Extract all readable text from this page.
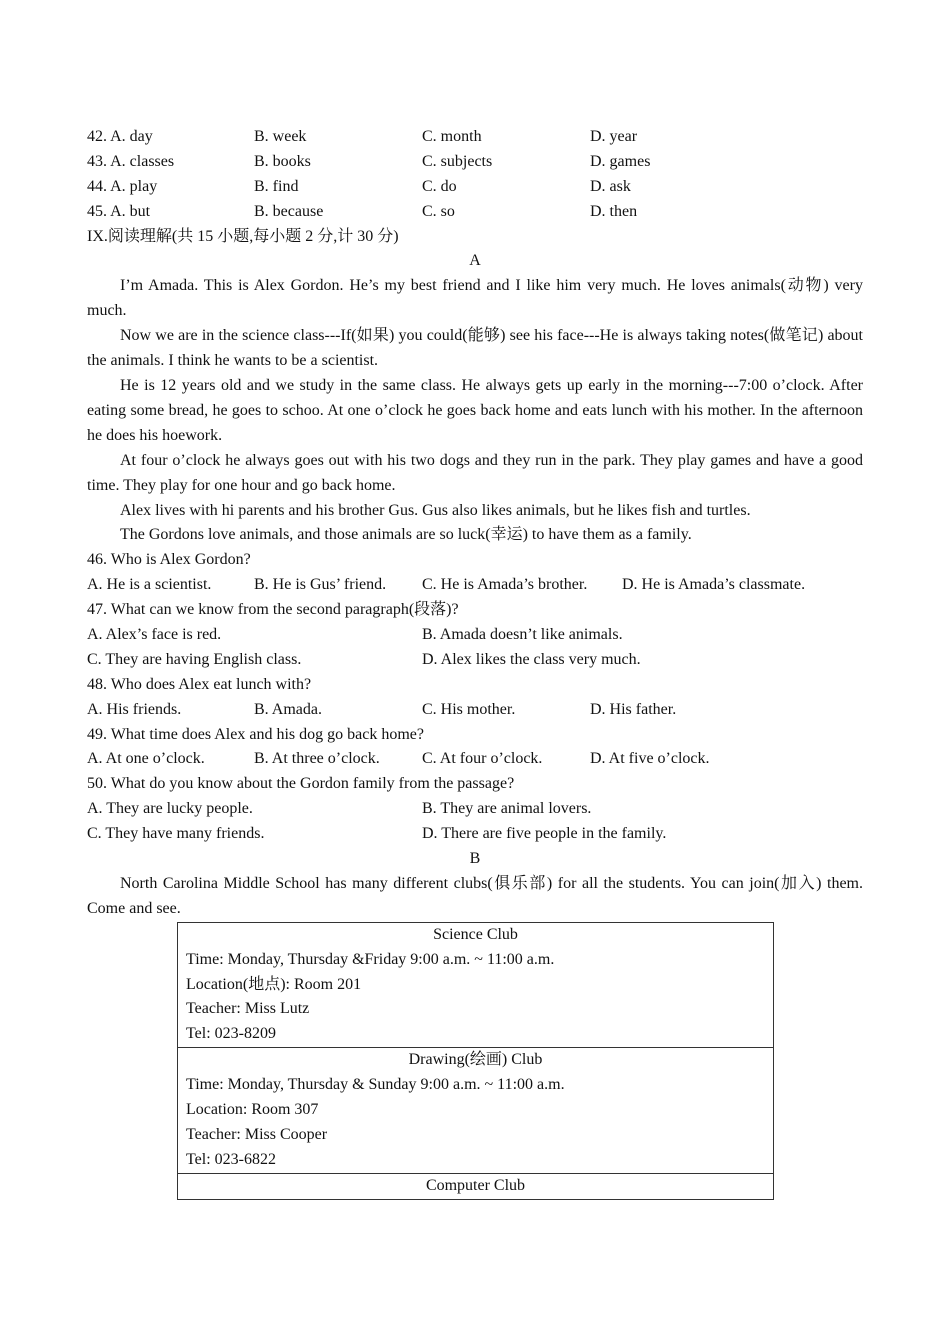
42. A. day	B. week	C. month	D. year
43. A. classes	B. books	C. subjects	D. games
44. A. play	B. find	C. do	D. ask
45. A. but	B. because	C. so	D. then
IX.阅读理解(共 15 小题,每小题 2 分,计 30 分)
A
I’m Amada. This is Alex Gordon. He’s my best friend and I like him very much. He loves animals(动物) very much.
Now we are in the science class---If(如果) you could(能够) see his face---He is always taking notes(做笔记) about the animals. I think he wants to be a scientist.
He is 12 years old and we study in the same class. He always gets up early in the morning---7:00 o’clock. After eating some bread, he goes to schoo. At one o’clock he goes back home and eats lunch with his mother. In the afternoon he does his hoework.
At four o’clock he always goes out with his two dogs and they run in the park. They play games and have a good time. They play for one hour and go back home.
Alex lives with hi parents and his brother Gus. Gus also likes animals, but he likes fish and turtles.
The Gordons love animals, and those animals are so luck(幸运) to have them as a family.
46. Who is Alex Gordon?
A. He is a scientist.	B. He is Gus’ friend. C. He is Amada’s brother. D. He is Amada’s classmate.
47. What can we know from the second paragraph(段落)?
A. Alex’s face is red.	B. Amada doesn’t like animals.
C. They are having English class.	D. Alex likes the class very much.
48. Who does Alex eat lunch with?
A. His friends.	B. Amada.	C. His mother.	D. His father.
49. What time does Alex and his dog go back home?
A. At one o’clock.	B. At three o’clock.	C. At four o’clock.	D. At five o’clock.
50. What do you know about the Gordon family from the passage?
A. They are lucky people.	B. They are animal lovers.
C. They have many friends.	D. There are five people in the family.
B
North Carolina Middle School has many different clubs(俱乐部) for all the students. You can join(加入) them. Come and see.
Science Club
Time: Monday, Thursday &Friday 9:00 a.m. ~ 11:00 a.m.
Location(地点): Room 201
Teacher: Miss Lutz
Tel: 023-8209

Drawing(绘画) Club
Time: Monday, Thursday & Sunday 9:00 a.m. ~ 11:00 a.m.
Location: Room 307
Teacher: Miss Cooper
Tel: 023-6822

Computer Club
